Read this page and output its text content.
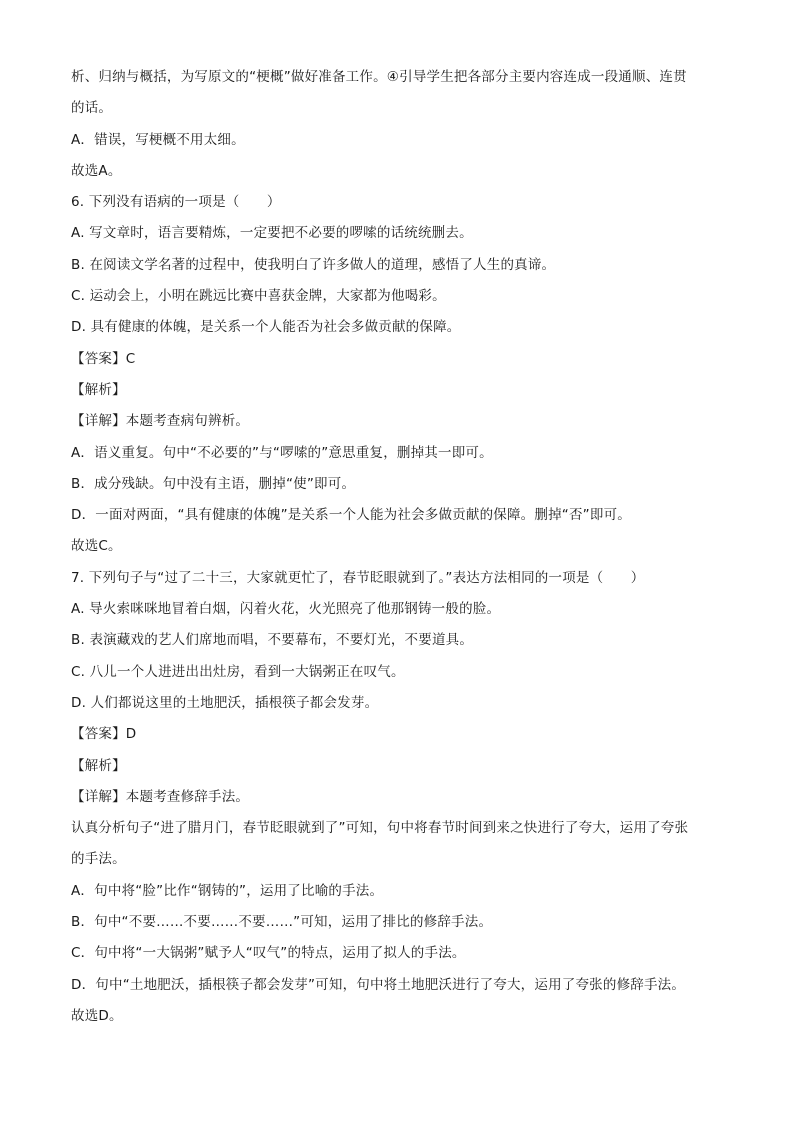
析、归纳与概括，为写原文的“梗概”做好准备工作。④引导学生把各部分主要内容连成一段通顺、连贯
的话。
A．错误，写梗概不用太细。
故选A。
6. 下列没有语病的一项是（　　）
A. 写文章时，语言要精炼，一定要把不必要的啰嗦的话统统删去。
B. 在阅读文学名著的过程中，使我明白了许多做人的道理，感悟了人生的真谛。
C. 运动会上，小明在跳远比赛中喜获金牌，大家都为他喝彩。
D. 具有健康的体魄，是关系一个人能否为社会多做贡献的保障。
【答案】C
【解析】
【详解】本题考查病句辨析。
A．语义重复。句中“不必要的”与“啰嗦的”意思重复，删掉其一即可。
B．成分残缺。句中没有主语，删掉“使”即可。
D．一面对两面，“具有健康的体魄”是关系一个人能为社会多做贡献的保障。删掉“否”即可。
故选C。
7. 下列句子与“过了二十三，大家就更忙了，春节眨眼就到了。”表达方法相同的一项是（　　）
A. 导火索咪咪地冒着白烟，闪着火花，火光照亮了他那钢铸一般的脸。
B. 表演藏戏的艺人们席地而唱，不要幕布，不要灯光，不要道具。
C. 八儿一个人进进出出灶房，看到一大锅粥正在叹气。
D. 人们都说这里的土地肥沃，插根筷子都会发芽。
【答案】D
【解析】
【详解】本题考查修辞手法。
认真分析句子“进了腊月门，春节眨眼就到了”可知，句中将春节时间到来之快进行了夸大，运用了夸张
的手法。
A．句中将“脸”比作“钢铸的”，运用了比喻的手法。
B．句中“不要……不要……不要……”可知，运用了排比的修辞手法。
C．句中将“一大锅粥”赋予人“叹气”的特点，运用了拟人的手法。
D．句中“土地肥沃，插根筷子都会发芽”可知，句中将土地肥沃进行了夸大，运用了夸张的修辞手法。
故选D。
